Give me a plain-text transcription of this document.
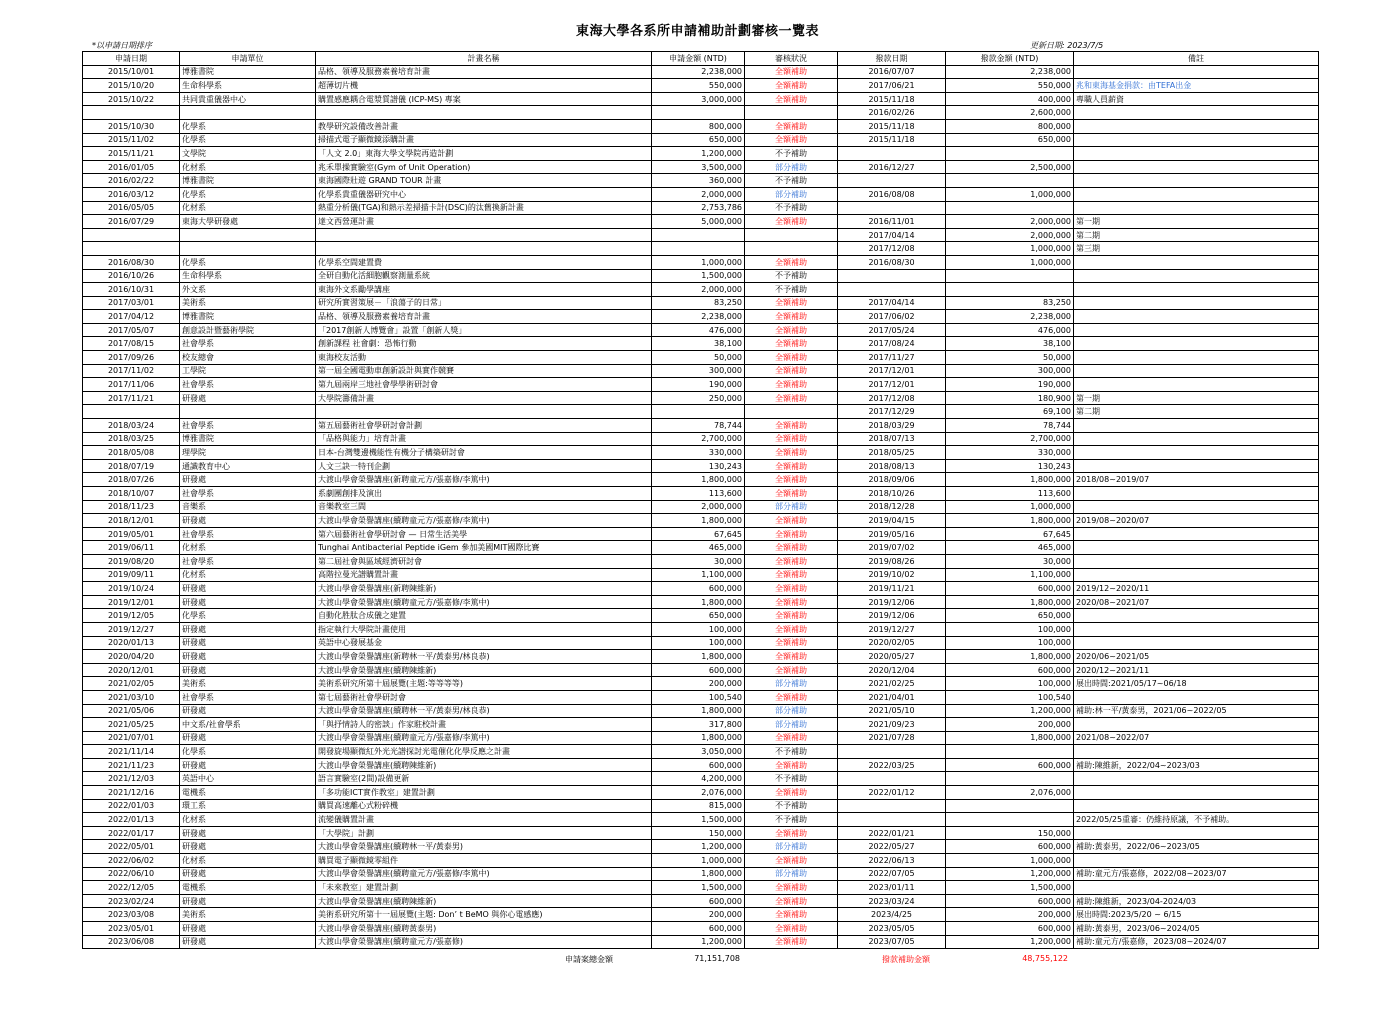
東海大學各系所申請補助計劃審核一覽表
*以申請日期排序	更新日期: 2023/7/5
申請日期	申請單位	計畫名稱	申請金額 (NTD)	審核狀況	撥款日期	撥款金額 (NTD)	備註
2015/10/01	博雅書院	品格、領導及服務素養培育計畫	2,238,000	全額補助	2016/07/07	2,238,000	
2015/10/20	生命科學系	超薄切片機	550,000	全額補助	2017/06/21	550,000	兆和東海基金捐款：由TEFA出金
2015/10/22	共同貴重儀器中心	購置感應耦合電漿質譜儀 (ICP-MS) 專案	3,000,000	全額補助	2015/11/18	400,000	專職人員薪資
					2016/02/26	2,600,000	
2015/10/30	化學系	教學研究設備改善計畫	800,000	全額補助	2015/11/18	800,000	
2015/11/02	化學系	掃描式電子顯微鏡添購計畫	650,000	全額補助	2015/11/18	650,000	
2015/11/21	文學院	「人文 2.0」東海大學文學院再造計劃	1,200,000	不予補助			
2016/01/05	化材系	兆禾單操實驗室(Gym of Unit Operation)	3,500,000	部分補助	2016/12/27	2,500,000	
2016/02/22	博雅書院	東海國際壯遊 GRAND TOUR 計畫	360,000	不予補助			
2016/03/12	化學系	化學系貴重儀器研究中心	2,000,000	部分補助	2016/08/08	1,000,000	
2016/05/05	化材系	熱重分析儀(TGA)和熱示差掃描卡計(DSC)的汰舊換新計畫	2,753,786	不予補助			
2016/07/29	東海大學研發處	達文西營運計畫	5,000,000	全額補助	2016/11/01	2,000,000	第一期
					2017/04/14	2,000,000	第二期
					2017/12/08	1,000,000	第三期
2016/08/30	化學系	化學系空間建置費	1,000,000	全額補助	2016/08/30	1,000,000	
2016/10/26	生命科學系	全研自動化活細胞觀察測量系統	1,500,000	不予補助			
2016/10/31	外文系	東海外文系勵學講座	2,000,000	不予補助			
2017/03/01	美術系	研究所實習策展－「浪蕩子的日常」	83,250	全額補助	2017/04/14	83,250	
2017/04/12	博雅書院	品格、領導及服務素養培育計畫	2,238,000	全額補助	2017/06/02	2,238,000	
2017/05/07	創意設計暨藝術學院	「2017創新人博覽會」設置「創新人獎」	476,000	全額補助	2017/05/24	476,000	
2017/08/15	社會學系	創新課程 社會劇：恐怖行動	38,100	全額補助	2017/08/24	38,100	
2017/09/26	校友總會	東海校友活動	50,000	全額補助	2017/11/27	50,000	
2017/11/02	工學院	第一屆全國電動車創新設計與實作競賽	300,000	全額補助	2017/12/01	300,000	
2017/11/06	社會學系	第九屆兩岸三地社會學學術研討會	190,000	全額補助	2017/12/01	190,000	
2017/11/21	研發處	大學院籌備計畫	250,000	全額補助	2017/12/08	180,900	第一期
					2017/12/29	69,100	第二期
2018/03/24	社會學系	第五屆藝術社會學研討會計劃	78,744	全額補助	2018/03/29	78,744	
2018/03/25	博雅書院	「品格與能力」培育計畫	2,700,000	全額補助	2018/07/13	2,700,000	
2018/05/08	理學院	日本-台灣雙邊機能性有機分子構築研討會	330,000	全額補助	2018/05/25	330,000	
2018/07/19	通識教育中心	人文三訣一特刊企劃	130,243	全額補助	2018/08/13	130,243	
2018/07/26	研發處	大渡山學會榮譽講座(新聘童元方/張嘉修/李篤中)	1,800,000	全額補助	2018/09/06	1,800,000	2018/08~2019/07
2018/10/07	社會學系	系劇團創排及演出	113,600	全額補助	2018/10/26	113,600	
2018/11/23	音樂系	音樂教室三間	2,000,000	部分補助	2018/12/28	1,000,000	
2018/12/01	研發處	大渡山學會榮譽講座(續聘童元方/張嘉修/李篤中)	1,800,000	全額補助	2019/04/15	1,800,000	2019/08~2020/07
2019/05/01	社會學系	第六屆藝術社會學研討會 — 日常生活美學	67,645	全額補助	2019/05/16	67,645	
2019/06/11	化材系	Tunghai Antibacterial Peptide iGem 參加美國MIT國際比賽	465,000	全額補助	2019/07/02	465,000	
2019/08/20	社會學系	第二屆社會與區域經濟研討會	30,000	全額補助	2019/08/26	30,000	
2019/09/11	化材系	高階拉曼光譜購置計畫	1,100,000	全額補助	2019/10/02	1,100,000	
2019/10/24	研發處	大渡山學會榮譽講座(新聘陳維新)	600,000	全額補助	2019/11/21	600,000	2019/12~2020/11
2019/12/01	研發處	大渡山學會榮譽講座(續聘童元方/張嘉修/李篤中)	1,800,000	全額補助	2019/12/06	1,800,000	2020/08~2021/07
2019/12/05	化學系	自動化胜肽合成儀之建置	650,000	全額補助	2019/12/06	650,000	
2019/12/27	研發處	指定執行大學院計畫使用	100,000	全額補助	2019/12/27	100,000	
2020/01/13	研發處	英語中心發展基金	100,000	全額補助	2020/02/05	100,000	
2020/04/20	研發處	大渡山學會榮譽講座(新聘林一平/黃泰男/林良恭)	1,800,000	全額補助	2020/05/27	1,800,000	2020/06~2021/05
2020/12/01	研發處	大渡山學會榮譽講座(續聘陳維新)	600,000	全額補助	2020/12/04	600,000	2020/12~2021/11
2021/02/05	美術系	美術系研究所第十屆展覽(主題:等等等等)	200,000	部分補助	2021/02/25	100,000	展出時間:2021/05/17~06/18
2021/03/10	社會學系	第七屆藝術社會學研討會	100,540	全額補助	2021/04/01	100,540	
2021/05/06	研發處	大渡山學會榮譽講座(續聘林一平/黃泰男/林良恭)	1,800,000	部分補助	2021/05/10	1,200,000	補助:林一平/黃泰男，2021/06~2022/05
2021/05/25	中文系/社會學系	「與抒情詩人的密談」作家駐校計畫	317,800	部分補助	2021/09/23	200,000	
2021/07/01	研發處	大渡山學會榮譽講座(續聘童元方/張嘉修/李篤中)	1,800,000	全額補助	2021/07/28	1,800,000	2021/08~2022/07
2021/11/14	化學系	開發旋場顯微紅外光光譜探討光電催化化學反應之計畫	3,050,000	不予補助			
2021/11/23	研發處	大渡山學會榮譽講座(續聘陳維新)	600,000	全額補助	2022/03/25	600,000	補助:陳維新，2022/04~2023/03
2021/12/03	英語中心	語言實驗室(2間)設備更新	4,200,000	不予補助			
2021/12/16	電機系	「多功能ICT實作教室」建置計劃	2,076,000	全額補助	2022/01/12	2,076,000	
2022/01/03	環工系	購買高速離心式粉碎機	815,000	不予補助			
2022/01/13	化材系	流變儀購置計畫	1,500,000	不予補助			2022/05/25重審：仍維持原議，不予補助。
2022/01/17	研發處	「大學院」計劃	150,000	全額補助	2022/01/21	150,000	
2022/05/01	研發處	大渡山學會榮譽講座(續聘林一平/黃泰男)	1,200,000	部分補助	2022/05/27	600,000	補助:黃泰男，2022/06~2023/05
2022/06/02	化材系	購買電子顯微鏡零組件	1,000,000	全額補助	2022/06/13	1,000,000	
2022/06/10	研發處	大渡山學會榮譽講座(續聘童元方/張嘉修/李篤中)	1,800,000	部分補助	2022/07/05	1,200,000	補助:童元方/張嘉修，2022/08~2023/07
2022/12/05	電機系	「未來教室」建置計劃	1,500,000	全額補助	2023/01/11	1,500,000	
2023/02/24	研發處	大渡山學會榮譽講座(續聘陳維新)	600,000	全額補助	2023/03/24	600,000	補助:陳維新，2023/04-2024/03
2023/03/08	美術系	美術系研究所第十一屆展覽(主題: Don’ t BeMO 與你心電感應)	200,000	全額補助	2023/4/25	200,000	展出時間:2023/5/20 ~ 6/15
2023/05/01	研發處	大渡山學會榮譽講座(續聘黃泰男)	600,000	全額補助	2023/05/05	600,000	補助:黃泰男，2023/06~2024/05
2023/06/08	研發處	大渡山學會榮譽講座(續聘童元方/張嘉修)	1,200,000	全額補助	2023/07/05	1,200,000	補助:童元方/張嘉修，2023/08~2024/07
申請案總金額	71,151,708	撥款補助金額	48,755,122
